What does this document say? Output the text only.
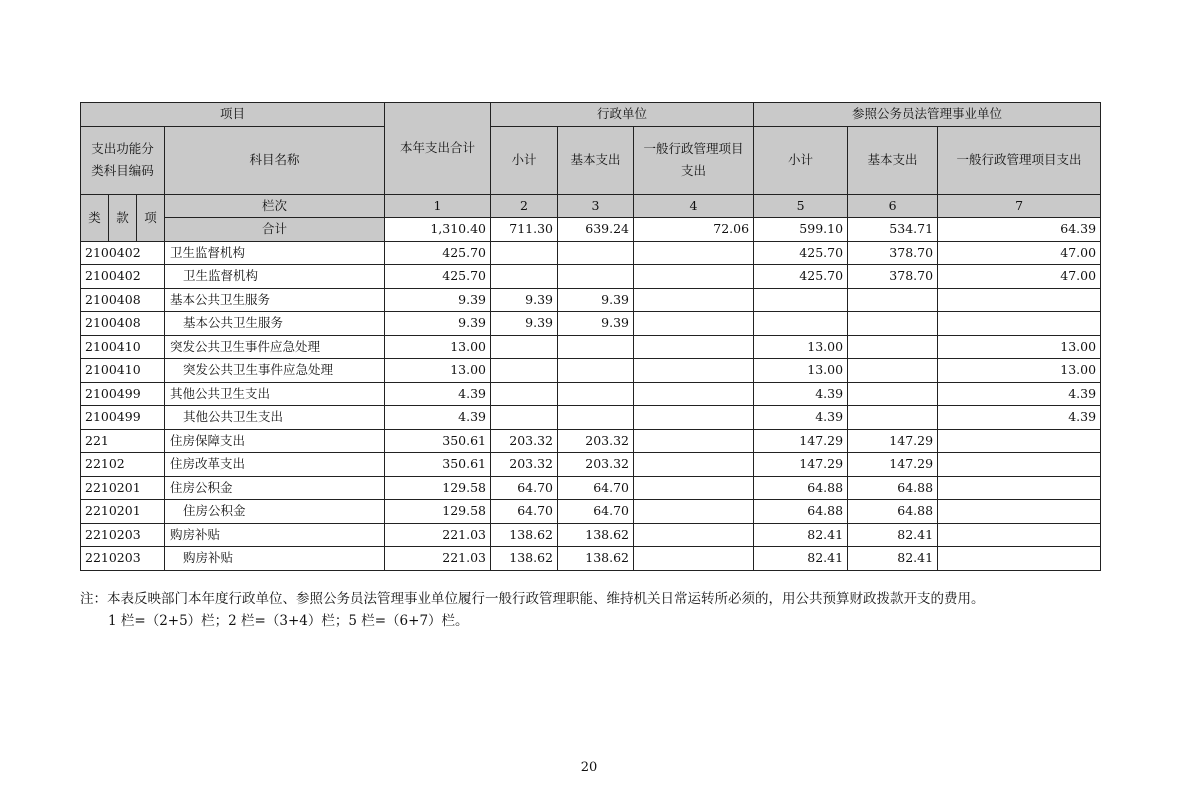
项目				本年支出合计	行政单位			参照公务员法管理事业单位		
支出功能分类科目编码			科目名称		小计	基本支出	一般行政管理项目支出	小计	基本支出	一般行政管理项目支出
类	款	项	栏次	1	2	3	4	5	6	7
			合计	1,310.40	711.30	639.24	72.06	599.10	534.71	64.39
2100402			卫生监督机构	425.70				425.70	378.70	47.00
2100402			卫生监督机构	425.70				425.70	378.70	47.00
2100408			基本公共卫生服务	9.39	9.39	9.39				
2100408			基本公共卫生服务	9.39	9.39	9.39				
2100410			突发公共卫生事件应急处理	13.00				13.00		13.00
2100410			突发公共卫生事件应急处理	13.00				13.00		13.00
2100499			其他公共卫生支出	4.39				4.39		4.39
2100499			其他公共卫生支出	4.39				4.39		4.39
221			住房保障支出	350.61	203.32	203.32		147.29	147.29	
22102			住房改革支出	350.61	203.32	203.32		147.29	147.29	
2210201			住房公积金	129.58	64.70	64.70		64.88	64.88	
2210201			住房公积金	129.58	64.70	64.70		64.88	64.88	
2210203			购房补贴	221.03	138.62	138.62		82.41	82.41	
2210203			购房补贴	221.03	138.62	138.62		82.41	82.41	
注：本表反映部门本年度行政单位、参照公务员法管理事业单位履行一般行政管理职能、维持机关日常运转所必须的，用公共预算财政拨款开支的费用。
1 栏=（2+5）栏；2 栏=（3+4）栏；5 栏=（6+7）栏。
20
